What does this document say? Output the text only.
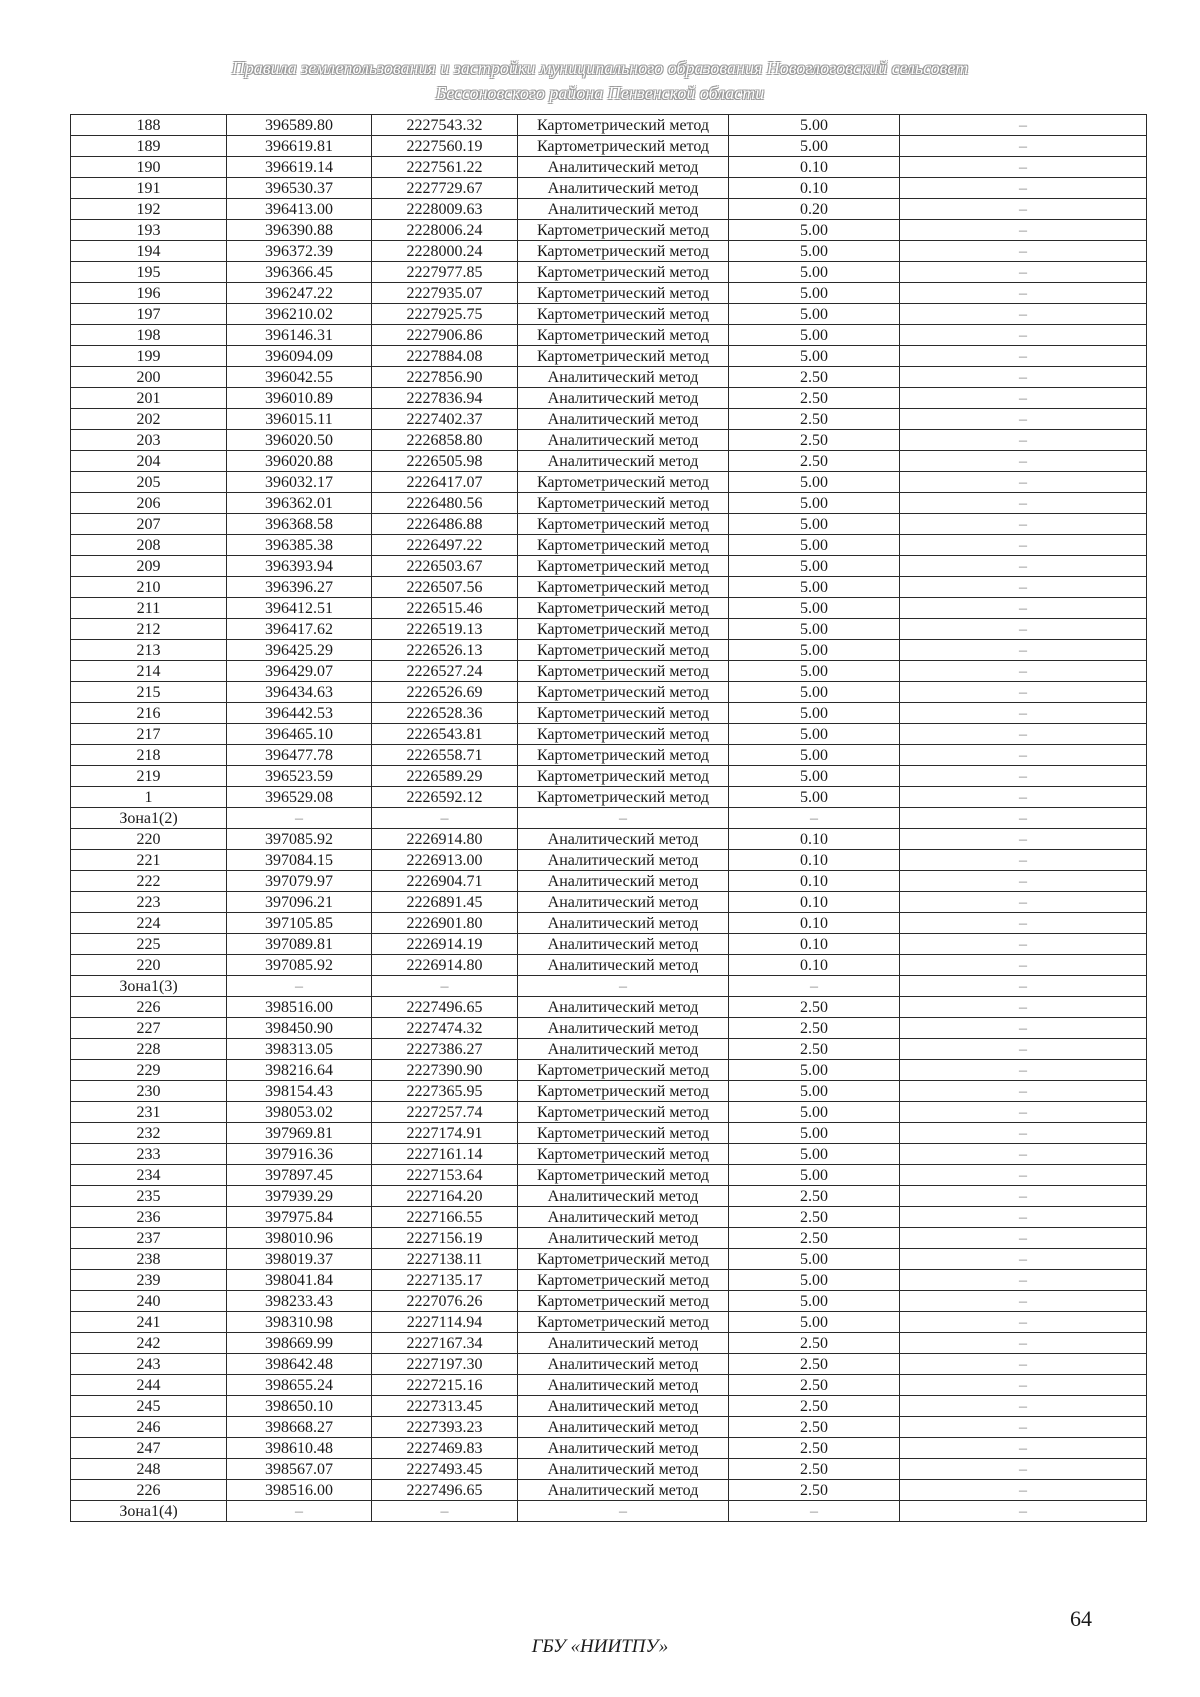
Правила землепользования и застройки муниципального образования Новоглоговский сельсовет
Бессоновского района Пензенской области
188	396589.80	2227543.32	Картометрический метод	5.00	–
189	396619.81	2227560.19	Картометрический метод	5.00	–
190	396619.14	2227561.22	Аналитический метод	0.10	–
191	396530.37	2227729.67	Аналитический метод	0.10	–
192	396413.00	2228009.63	Аналитический метод	0.20	–
193	396390.88	2228006.24	Картометрический метод	5.00	–
194	396372.39	2228000.24	Картометрический метод	5.00	–
195	396366.45	2227977.85	Картометрический метод	5.00	–
196	396247.22	2227935.07	Картометрический метод	5.00	–
197	396210.02	2227925.75	Картометрический метод	5.00	–
198	396146.31	2227906.86	Картометрический метод	5.00	–
199	396094.09	2227884.08	Картометрический метод	5.00	–
200	396042.55	2227856.90	Аналитический метод	2.50	–
201	396010.89	2227836.94	Аналитический метод	2.50	–
202	396015.11	2227402.37	Аналитический метод	2.50	–
203	396020.50	2226858.80	Аналитический метод	2.50	–
204	396020.88	2226505.98	Аналитический метод	2.50	–
205	396032.17	2226417.07	Картометрический метод	5.00	–
206	396362.01	2226480.56	Картометрический метод	5.00	–
207	396368.58	2226486.88	Картометрический метод	5.00	–
208	396385.38	2226497.22	Картометрический метод	5.00	–
209	396393.94	2226503.67	Картометрический метод	5.00	–
210	396396.27	2226507.56	Картометрический метод	5.00	–
211	396412.51	2226515.46	Картометрический метод	5.00	–
212	396417.62	2226519.13	Картометрический метод	5.00	–
213	396425.29	2226526.13	Картометрический метод	5.00	–
214	396429.07	2226527.24	Картометрический метод	5.00	–
215	396434.63	2226526.69	Картометрический метод	5.00	–
216	396442.53	2226528.36	Картометрический метод	5.00	–
217	396465.10	2226543.81	Картометрический метод	5.00	–
218	396477.78	2226558.71	Картометрический метод	5.00	–
219	396523.59	2226589.29	Картометрический метод	5.00	–
1	396529.08	2226592.12	Картометрический метод	5.00	–
Зона1(2)	–	–	–	–	–
220	397085.92	2226914.80	Аналитический метод	0.10	–
221	397084.15	2226913.00	Аналитический метод	0.10	–
222	397079.97	2226904.71	Аналитический метод	0.10	–
223	397096.21	2226891.45	Аналитический метод	0.10	–
224	397105.85	2226901.80	Аналитический метод	0.10	–
225	397089.81	2226914.19	Аналитический метод	0.10	–
220	397085.92	2226914.80	Аналитический метод	0.10	–
Зона1(3)	–	–	–	–	–
226	398516.00	2227496.65	Аналитический метод	2.50	–
227	398450.90	2227474.32	Аналитический метод	2.50	–
228	398313.05	2227386.27	Аналитический метод	2.50	–
229	398216.64	2227390.90	Картометрический метод	5.00	–
230	398154.43	2227365.95	Картометрический метод	5.00	–
231	398053.02	2227257.74	Картометрический метод	5.00	–
232	397969.81	2227174.91	Картометрический метод	5.00	–
233	397916.36	2227161.14	Картометрический метод	5.00	–
234	397897.45	2227153.64	Картометрический метод	5.00	–
235	397939.29	2227164.20	Аналитический метод	2.50	–
236	397975.84	2227166.55	Аналитический метод	2.50	–
237	398010.96	2227156.19	Аналитический метод	2.50	–
238	398019.37	2227138.11	Картометрический метод	5.00	–
239	398041.84	2227135.17	Картометрический метод	5.00	–
240	398233.43	2227076.26	Картометрический метод	5.00	–
241	398310.98	2227114.94	Картометрический метод	5.00	–
242	398669.99	2227167.34	Аналитический метод	2.50	–
243	398642.48	2227197.30	Аналитический метод	2.50	–
244	398655.24	2227215.16	Аналитический метод	2.50	–
245	398650.10	2227313.45	Аналитический метод	2.50	–
246	398668.27	2227393.23	Аналитический метод	2.50	–
247	398610.48	2227469.83	Аналитический метод	2.50	–
248	398567.07	2227493.45	Аналитический метод	2.50	–
226	398516.00	2227496.65	Аналитический метод	2.50	–
Зона1(4)	–	–	–	–	–
64
ГБУ «НИИТПУ»
